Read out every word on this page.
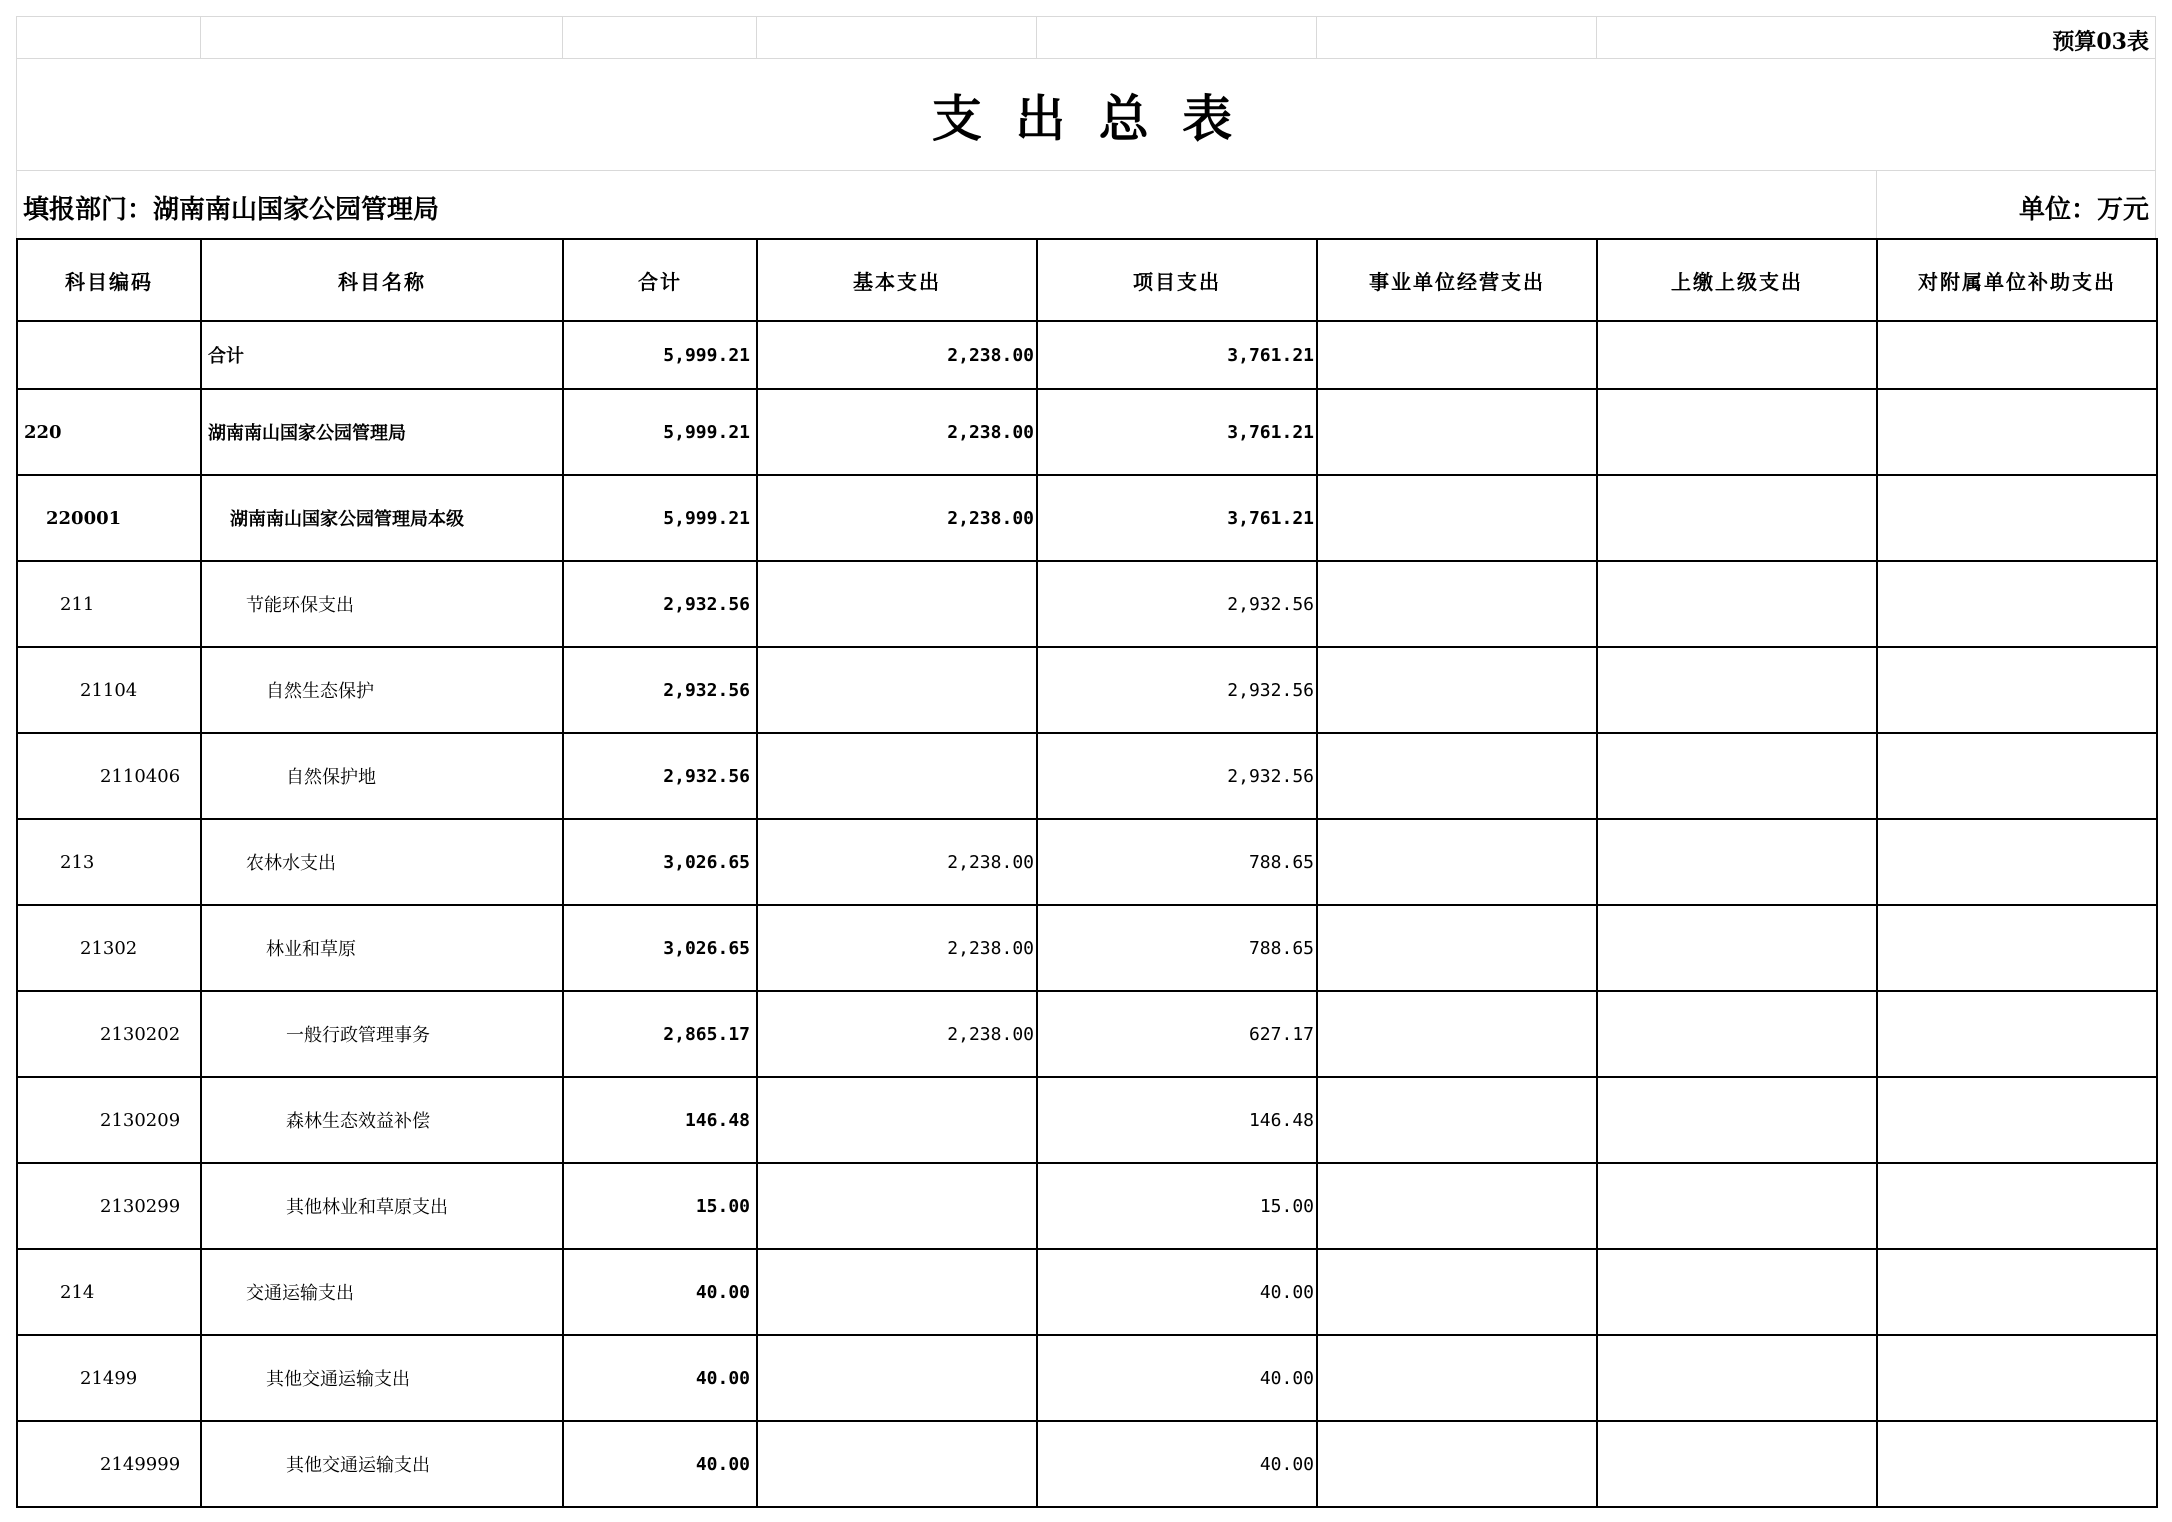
预算03表
支 出 总 表
填报部门：湖南南山国家公园管理局	单位：万元
科目编码	科目名称	合计	基本支出	项目支出	事业单位经营支出	上缴上级支出	对附属单位补助支出
	合计	5,999.21	2,238.00	3,761.21			
220	湖南南山国家公园管理局	5,999.21	2,238.00	3,761.21			
220001	湖南南山国家公园管理局本级	5,999.21	2,238.00	3,761.21			
211	节能环保支出	2,932.56		2,932.56			
21104	自然生态保护	2,932.56		2,932.56			
2110406	自然保护地	2,932.56		2,932.56			
213	农林水支出	3,026.65	2,238.00	788.65			
21302	林业和草原	3,026.65	2,238.00	788.65			
2130202	一般行政管理事务	2,865.17	2,238.00	627.17			
2130209	森林生态效益补偿	146.48		146.48			
2130299	其他林业和草原支出	15.00		15.00			
214	交通运输支出	40.00		40.00			
21499	其他交通运输支出	40.00		40.00			
2149999	其他交通运输支出	40.00		40.00			
